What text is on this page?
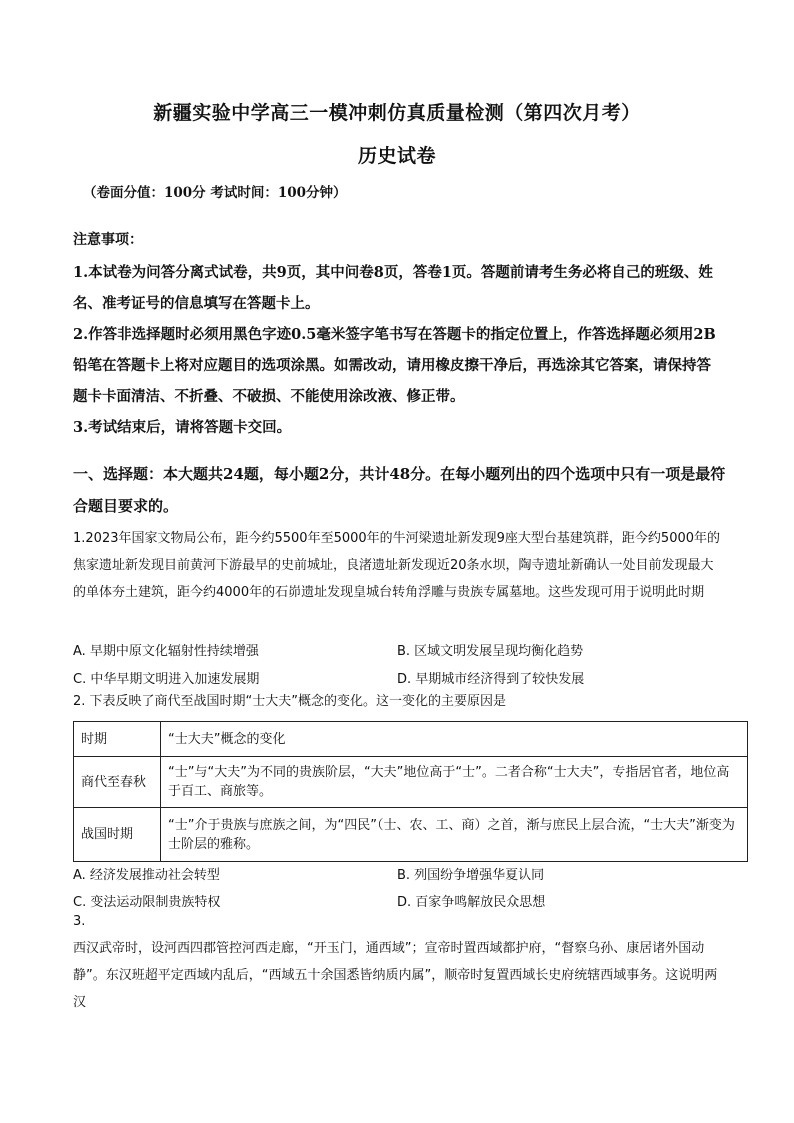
新疆实验中学高三一模冲刺仿真质量检测（第四次月考）
历史试卷
（卷面分值：100分 考试时间：100分钟）
注意事项：
1.本试卷为问答分离式试卷，共9页，其中问卷8页，答卷1页。答题前请考生务必将自己的班级、姓名、准考证号的信息填写在答题卡上。
2.作答非选择题时必须用黑色字迹0.5毫米签字笔书写在答题卡的指定位置上，作答选择题必须用2B铅笔在答题卡上将对应题目的选项涂黑。如需改动，请用橡皮擦干净后，再选涂其它答案，请保持答题卡卡面清洁、不折叠、不破损、不能使用涂改液、修正带。
3.考试结束后，请将答题卡交回。
一、选择题：本大题共24题，每小题2分，共计48分。在每小题列出的四个选项中只有一项是最符合题目要求的。
1.2023年国家文物局公布，距今约5500年至5000年的牛河梁遗址新发现9座大型台基建筑群，距今约5000年的焦家遗址新发现目前黄河下游最早的史前城址，良渚遗址新发现近20条水坝，陶寺遗址新确认一处目前发现最大的单体夯土建筑，距今约4000年的石峁遗址发现皇城台转角浮雕与贵族专属墓地。这些发现可用于说明此时期
A. 早期中原文化辐射性持续增强	B. 区域文明发展呈现均衡化趋势
C. 中华早期文明进入加速发展期	D. 早期城市经济得到了较快发展
2. 下表反映了商代至战国时期“士大夫”概念的变化。这一变化的主要原因是
时期	“士大夫”概念的变化
商代至春秋	“士”与“大夫”为不同的贵族阶层，“大夫”地位高于“士”。二者合称“士大夫”，专指居官者，地位高于百工、商旅等。
战国时期	“士”介于贵族与庶族之间，为“四民”（士、农、工、商）之首，渐与庶民上层合流，“士大夫”渐变为士阶层的雅称。
A. 经济发展推动社会转型	B. 列国纷争增强华夏认同
C. 变法运动限制贵族特权	D. 百家争鸣解放民众思想
3.
西汉武帝时，设河西四郡管控河西走廊，“开玉门，通西域”；宣帝时置西域都护府，“督察乌孙、康居诸外国动静”。东汉班超平定西域内乱后，“西域五十余国悉皆纳质内属”，顺帝时复置西域长史府统辖西域事务。这说明两汉
